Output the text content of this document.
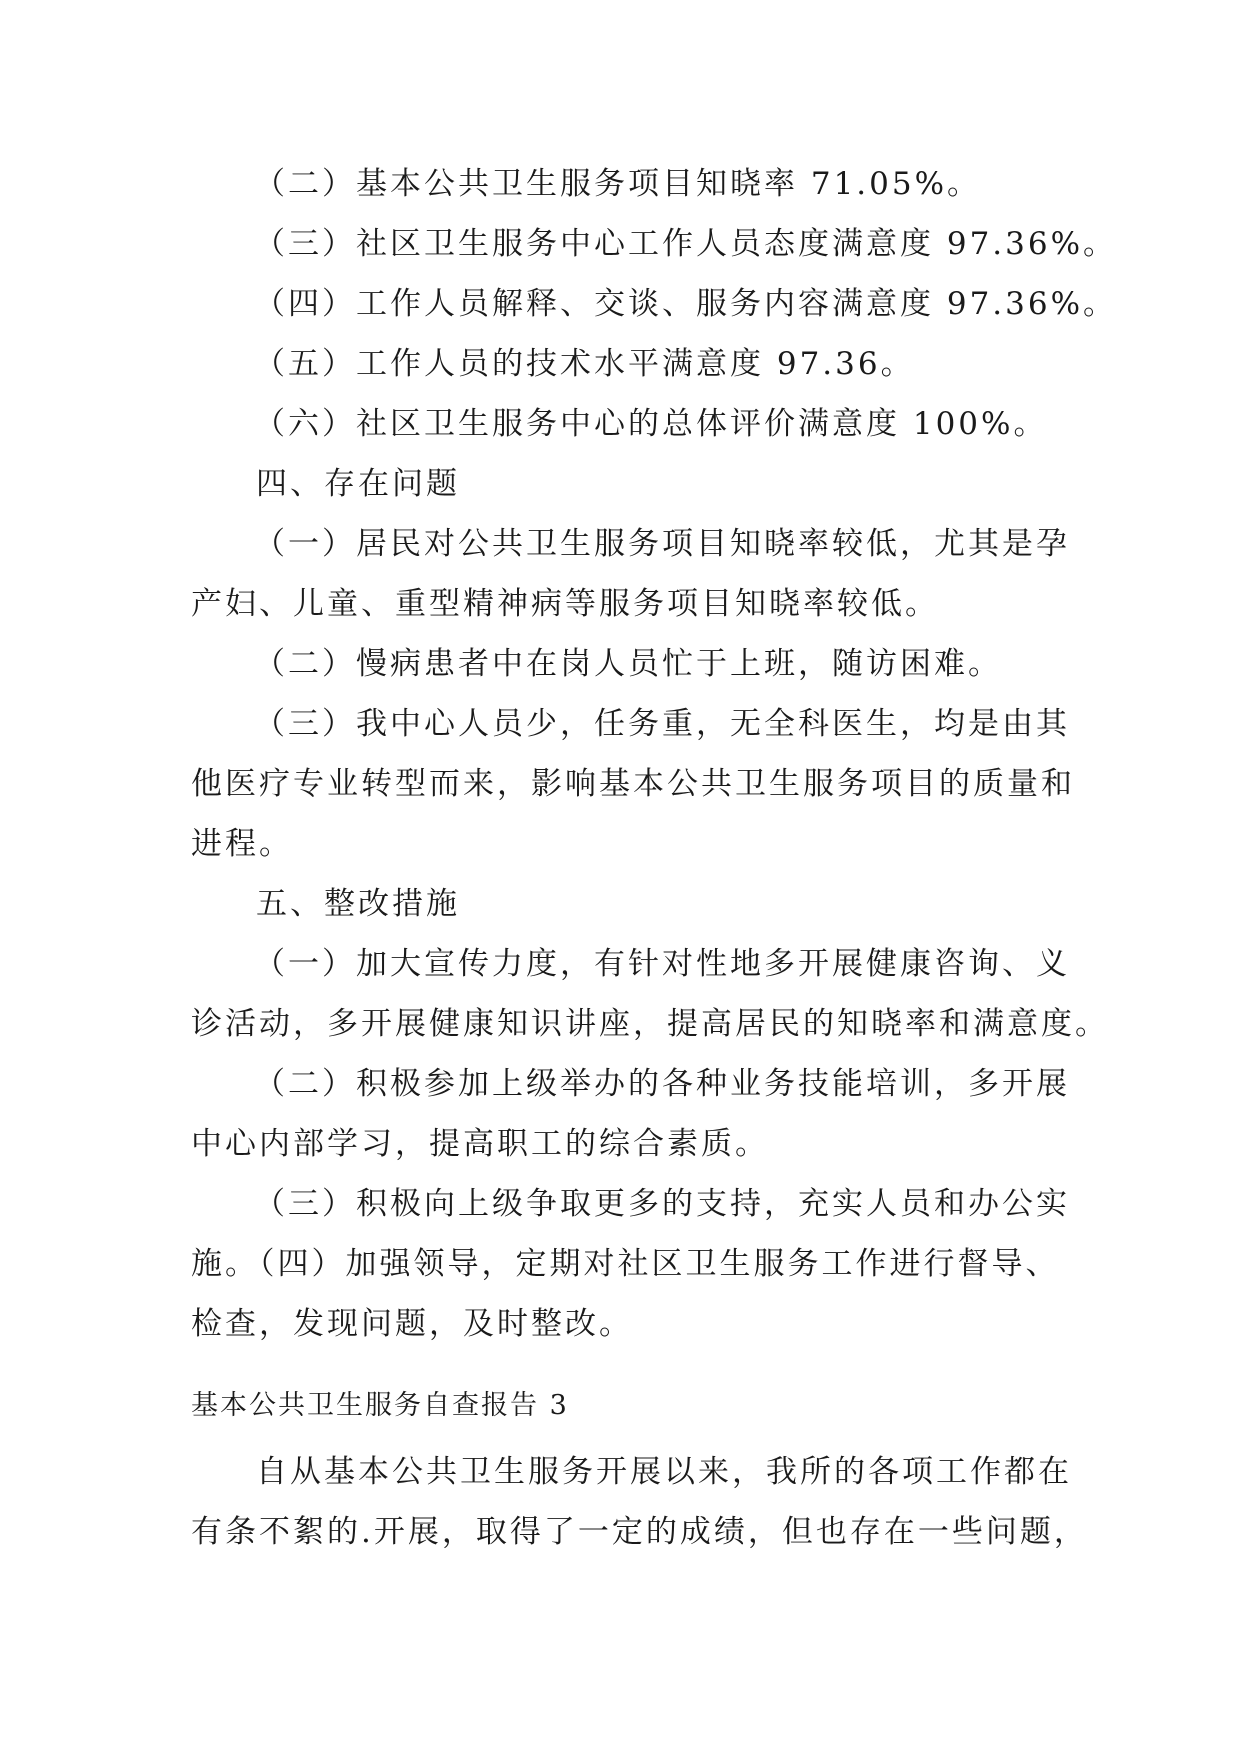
（二）基本公共卫生服务项目知晓率 71.05%。
（三）社区卫生服务中心工作人员态度满意度 97.36%。
（四）工作人员解释、交谈、服务内容满意度 97.36%。
（五）工作人员的技术水平满意度 97.36。
（六）社区卫生服务中心的总体评价满意度 100%。
四、存在问题
（一）居民对公共卫生服务项目知晓率较低，尤其是孕
产妇、儿童、重型精神病等服务项目知晓率较低。
（二）慢病患者中在岗人员忙于上班，随访困难。
（三）我中心人员少，任务重，无全科医生，均是由其
他医疗专业转型而来，影响基本公共卫生服务项目的质量和
进程。
五、整改措施
（一）加大宣传力度，有针对性地多开展健康咨询、义
诊活动，多开展健康知识讲座，提高居民的知晓率和满意度。
（二）积极参加上级举办的各种业务技能培训，多开展
中心内部学习，提高职工的综合素质。
（三）积极向上级争取更多的支持，充实人员和办公实
施。（四）加强领导，定期对社区卫生服务工作进行督导、
检查，发现问题，及时整改。
基本公共卫生服务自查报告 3
自从基本公共卫生服务开展以来，我所的各项工作都在
有条不絮的.开展，取得了一定的成绩，但也存在一些问题，
